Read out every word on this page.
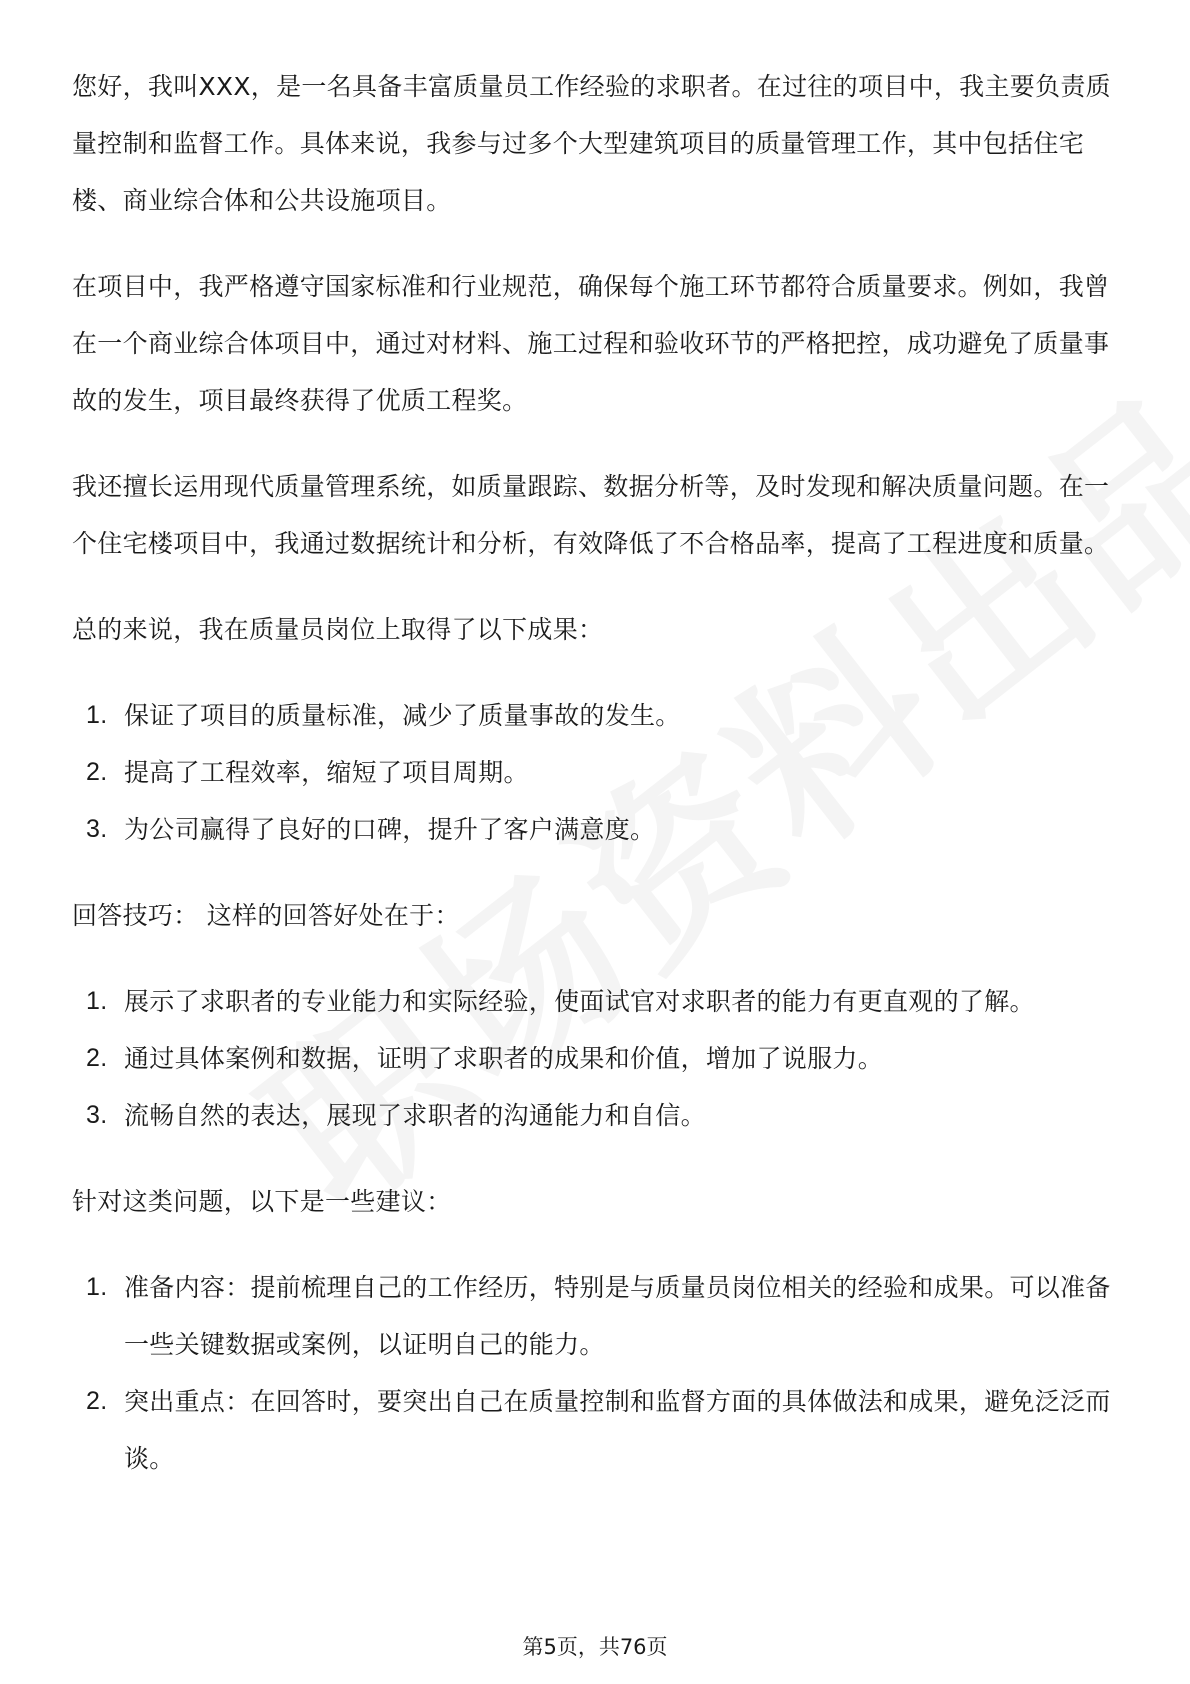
您好，我叫XXX，是一名具备丰富质量员工作经验的求职者。在过往的项目中，我主要负责质量控制和监督工作。具体来说，我参与过多个大型建筑项目的质量管理工作，其中包括住宅楼、商业综合体和公共设施项目。

在项目中，我严格遵守国家标准和行业规范，确保每个施工环节都符合质量要求。例如，我曾在一个商业综合体项目中，通过对材料、施工过程和验收环节的严格把控，成功避免了质量事故的发生，项目最终获得了优质工程奖。

我还擅长运用现代质量管理系统，如质量跟踪、数据分析等，及时发现和解决质量问题。在一个住宅楼项目中，我通过数据统计和分析，有效降低了不合格品率，提高了工程进度和质量。

总的来说，我在质量员岗位上取得了以下成果：

1. 保证了项目的质量标准，减少了质量事故的发生。
2. 提高了工程效率，缩短了项目周期。
3. 为公司赢得了良好的口碑，提升了客户满意度。

回答技巧： 这样的回答好处在于：

1. 展示了求职者的专业能力和实际经验，使面试官对求职者的能力有更直观的了解。
2. 通过具体案例和数据，证明了求职者的成果和价值，增加了说服力。
3. 流畅自然的表达，展现了求职者的沟通能力和自信。

针对这类问题，以下是一些建议：

1. 准备内容：提前梳理自己的工作经历，特别是与质量员岗位相关的经验和成果。可以准备一些关键数据或案例，以证明自己的能力。
2. 突出重点：在回答时，要突出自己在质量控制和监督方面的具体做法和成果，避免泛泛而谈。
第5页，共76页
